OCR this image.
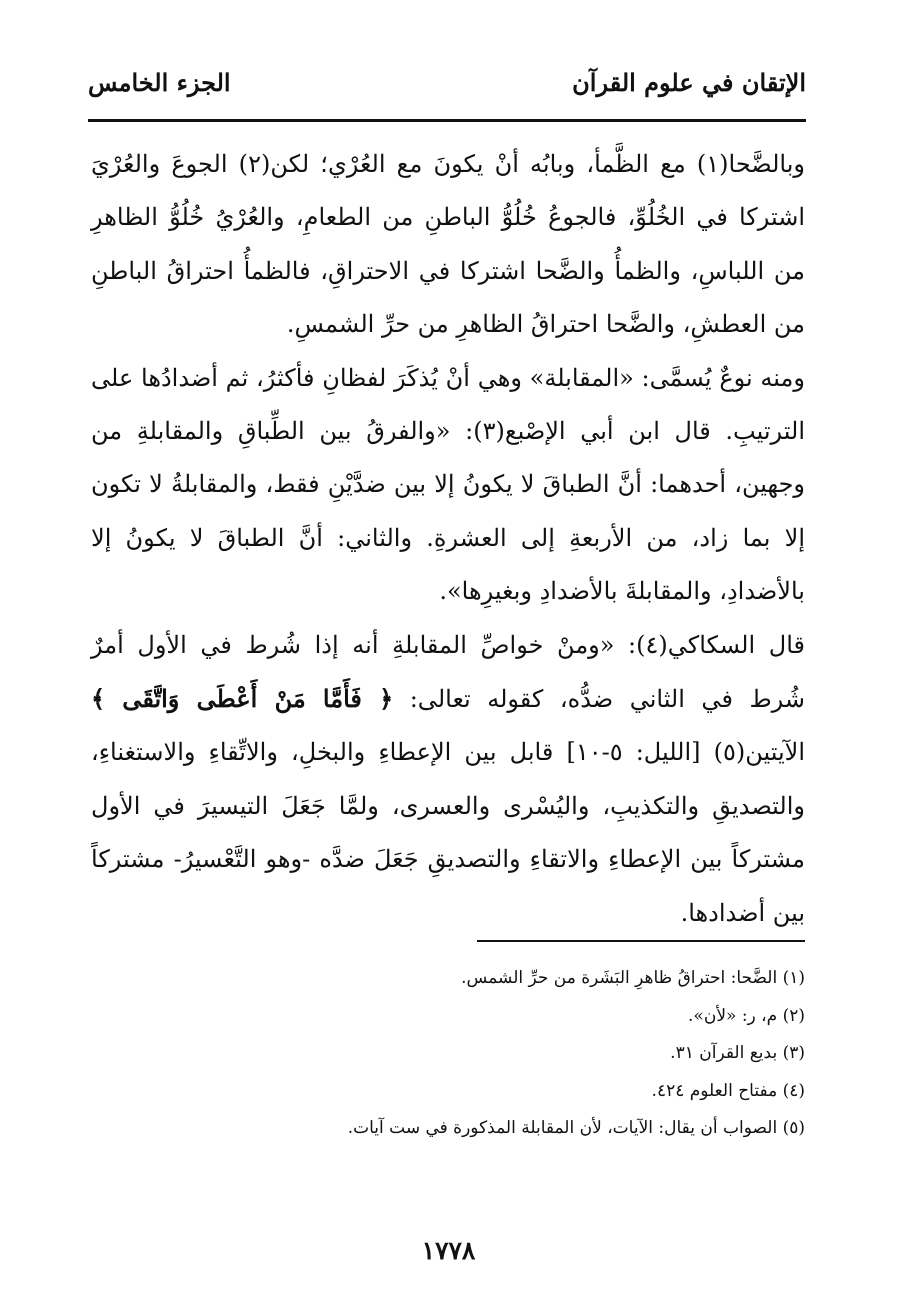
الإتقان في علوم القرآن
الجزء الخامس

وبالضَّحا(١) مع الظَّمأ، وبابُه أنْ يكونَ مع العُرْي؛ لكن(٢) الجوعَ والعُرْيَ اشتركا في الخُلُوِّ، فالجوعُ خُلُوُّ الباطنِ من الطعامِ، والعُرْيُ خُلُوُّ الظاهرِ من اللباسِ، والظمأُ والضَّحا اشتركا في الاحتراقِ، فالظمأُ احتراقُ الباطنِ من العطشِ، والضَّحا احتراقُ الظاهرِ من حرِّ الشمسِ.

ومنه نوعٌ يُسمَّى: «المقابلة» وهي أنْ يُذكَرَ لفظانِ فأكثرُ، ثم أضدادُها على الترتيبِ. قال ابن أبي الإصْبع(٣): «والفرقُ بين الطِّباقِ والمقابلةِ من وجهين، أحدهما: أنَّ الطباقَ لا يكونُ إلا بين ضدَّيْنِ فقط، والمقابلةُ لا تكون إلا بما زاد، من الأربعةِ إلى العشرةِ. والثاني: أنَّ الطباقَ لا يكونُ إلا بالأضدادِ، والمقابلةَ بالأضدادِ وبغيرِها».

قال السكاكي(٤): «ومنْ خواصِّ المقابلةِ أنه إذا شُرط في الأول أمرٌ شُرط في الثاني ضدُّه، كقوله تعالى: ﴿ فَأَمَّا مَنْ أَعْطَى وَاتَّقَى ﴾ الآيتين(٥) [الليل: ٥-١٠] قابل بين الإعطاءِ والبخلِ، والاتِّقاءِ والاستغناءِ، والتصديقِ والتكذيبِ، واليُسْرى والعسرى، ولمَّا جَعَلَ التيسيرَ في الأول مشتركاً بين الإعطاءِ والاتقاءِ والتصديقِ جَعَلَ ضدَّه -وهو التَّعْسيرُ- مشتركاً بين أضدادها.

(١) الضَّحا: احتراقُ ظاهرِ البَشَرة من حرِّ الشمس.
(٢) م، ر: «لأن».
(٣) بديع القرآن ٣١.
(٤) مفتاح العلوم ٤٢٤.
(٥) الصواب أن يقال: الآيات، لأن المقابلة المذكورة في ست آيات.
١٧٧٨
